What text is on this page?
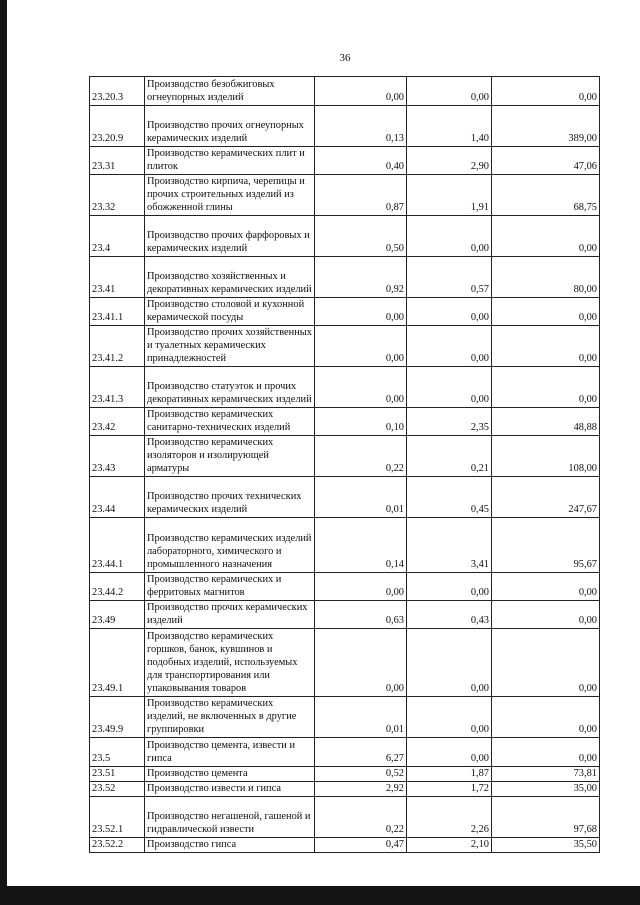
36
23.20.3	Производство безобжиговых огнеупорных изделий	0,00	0,00	0,00
23.20.9	Производство прочих огнеупорных керамических изделий	0,13	1,40	389,00
23.31	Производство керамических плит и плиток	0,40	2,90	47,06
23.32	Производство кирпича, черепицы и прочих строительных изделий из обожженной глины	0,87	1,91	68,75
23.4	Производство прочих фарфоровых и керамических изделий	0,50	0,00	0,00
23.41	Производство хозяйственных и декоративных керамических изделий	0,92	0,57	80,00
23.41.1	Производство столовой и кухонной керамической посуды	0,00	0,00	0,00
23.41.2	Производство прочих хозяйственных и туалетных керамических принадлежностей	0,00	0,00	0,00
23.41.3	Производство статуэток и прочих декоративных керамических изделий	0,00	0,00	0,00
23.42	Производство керамических санитарно-технических изделий	0,10	2,35	48,88
23.43	Производство керамических изоляторов и изолирующей арматуры	0,22	0,21	108,00
23.44	Производство прочих технических керамических изделий	0,01	0,45	247,67
23.44.1	Производство керамических изделий лабораторного, химического и промышленного назначения	0,14	3,41	95,67
23.44.2	Производство керамических и ферритовых магнитов	0,00	0,00	0,00
23.49	Производство прочих керамических изделий	0,63	0,43	0,00
23.49.1	Производство керамических горшков, банок, кувшинов и подобных изделий, используемых для транспортирования или упаковывания товаров	0,00	0,00	0,00
23.49.9	Производство керамических изделий, не включенных в другие группировки	0,01	0,00	0,00
23.5	Производство цемента, извести и гипса	6,27	0,00	0,00
23.51	Производство цемента	0,52	1,87	73,81
23.52	Производство извести и гипса	2,92	1,72	35,00
23.52.1	Производство негашеной, гашеной и гидравлической извести	0,22	2,26	97,68
23.52.2	Производство гипса	0,47	2,10	35,50
